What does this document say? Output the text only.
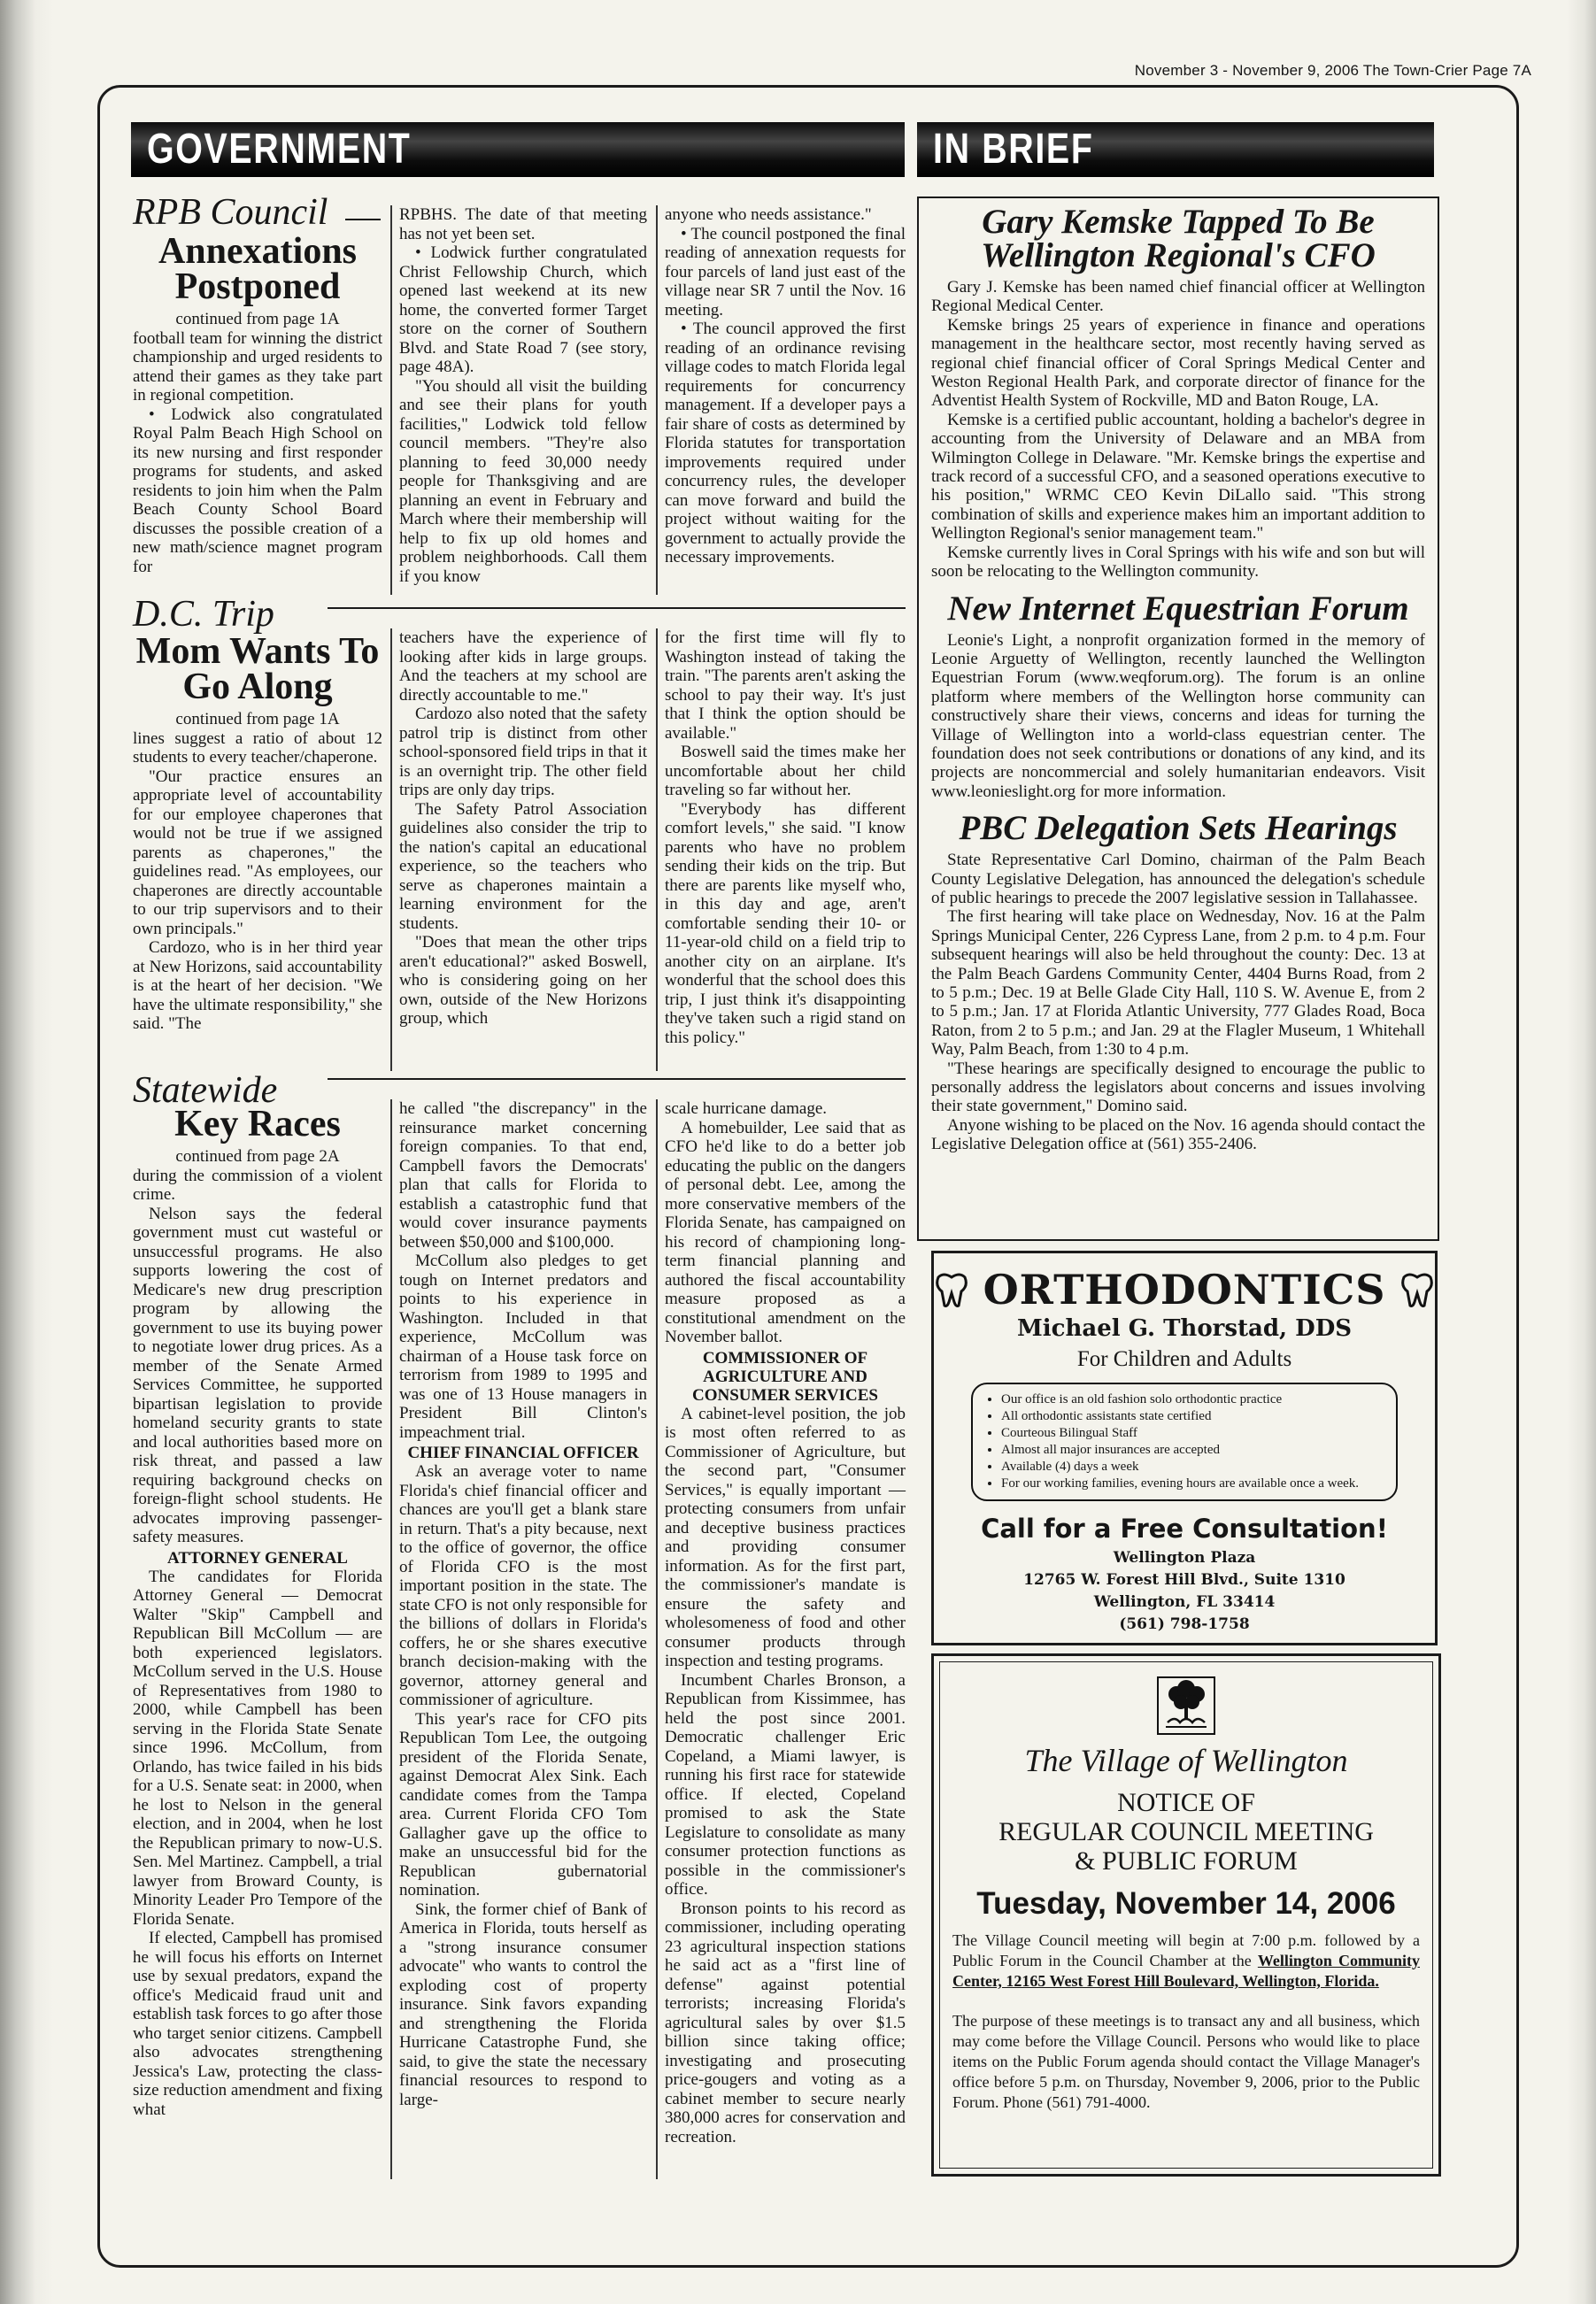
November 3 - November 9, 2006 The Town-Crier Page 7A
GOVERNMENT	IN BRIEF
RPB Council
Annexations Postponed

continued from page 1A

football team for winning the district championship and urged residents to attend their games as they take part in regional competition.

• Lodwick also congratulated Royal Palm Beach High School on its new nursing and first responder programs for students, and asked residents to join him when the Palm Beach County School Board discusses the possible creation of a new math/science magnet program for

RPBHS. The date of that meeting has not yet been set.

• Lodwick further congratulated Christ Fellowship Church, which opened last weekend at its new home, the converted former Target store on the corner of Southern Blvd. and State Road 7 (see story, page 48A).

"You should all visit the building and see their plans for youth facilities," Lodwick told fellow council members. "They're also planning to feed 30,000 needy people for Thanksgiving and are planning an event in February and March where their membership will help to fix up old homes and problem neighborhoods. Call them if you know

anyone who needs assistance."

• The council postponed the final reading of annexation requests for four parcels of land just east of the village near SR 7 until the Nov. 16 meeting.

• The council approved the first reading of an ordinance revising village codes to match Florida legal requirements for concurrency management. If a developer pays a fair share of costs as determined by Florida statutes for transportation improvements required under concurrency rules, the developer can move forward and build the project without waiting for the government to actually provide the necessary improvements.

D.C. Trip
Mom Wants To Go Along

continued from page 1A

lines suggest a ratio of about 12 students to every teacher/chaperone.

"Our practice ensures an appropriate level of accountability for our employee chaperones that would not be true if we assigned parents as chaperones," the guidelines read. "As employees, our chaperones are directly accountable to our trip supervisors and to their own principals."

Cardozo, who is in her third year at New Horizons, said accountability is at the heart of her decision. "We have the ultimate responsibility," she said. "The

teachers have the experience of looking after kids in large groups. And the teachers at my school are directly accountable to me."

Cardozo also noted that the safety patrol trip is distinct from other school-sponsored field trips in that it is an overnight trip. The other field trips are only day trips.

The Safety Patrol Association guidelines also consider the trip to the nation's capital an educational experience, so the teachers who serve as chaperones maintain a learning environment for the students.

"Does that mean the other trips aren't educational?" asked Boswell, who is considering going on her own, outside of the New Horizons group, which

for the first time will fly to Washington instead of taking the train. "The parents aren't asking the school to pay their way. It's just that I think the option should be available."

Boswell said the times make her uncomfortable about her child traveling so far without her.

"Everybody has different comfort levels," she said. "I know parents who have no problem sending their kids on the trip. But there are parents like myself who, in this day and age, aren't comfortable sending their 10- or 11-year-old child on a field trip to another city on an airplane. It's wonderful that the school does this trip, I just think it's disappointing they've taken such a rigid stand on this policy."

Statewide
Key Races

continued from page 2A

during the commission of a violent crime.

Nelson says the federal government must cut wasteful or unsuccessful programs. He also supports lowering the cost of Medicare's new drug prescription program by allowing the government to use its buying power to negotiate lower drug prices. As a member of the Senate Armed Services Committee, he supported bipartisan legislation to provide homeland security grants to state and local authorities based more on risk threat, and passed a law requiring background checks on foreign-flight school students. He advocates improving passenger-safety measures.

ATTORNEY GENERAL

The candidates for Florida Attorney General — Democrat Walter "Skip" Campbell and Republican Bill McCollum — are both experienced legislators. McCollum served in the U.S. House of Representatives from 1980 to 2000, while Campbell has been serving in the Florida State Senate since 1996. McCollum, from Orlando, has twice failed in his bids for a U.S. Senate seat: in 2000, when he lost to Nelson in the general election, and in 2004, when he lost the Republican primary to now-U.S. Sen. Mel Martinez. Campbell, a trial lawyer from Broward County, is Minority Leader Pro Tempore of the Florida Senate.

If elected, Campbell has promised he will focus his efforts on Internet use by sexual predators, expand the office's Medicaid fraud unit and establish task forces to go after those who target senior citizens. Campbell also advocates strengthening Jessica's Law, protecting the class-size reduction amendment and fixing what

he called "the discrepancy" in the reinsurance market concerning foreign companies. To that end, Campbell favors the Democrats' plan that calls for Florida to establish a catastrophic fund that would cover insurance payments between $50,000 and $100,000.

McCollum also pledges to get tough on Internet predators and points to his experience in Washington. Included in that experience, McCollum was chairman of a House task force on terrorism from 1989 to 1995 and was one of 13 House managers in President Bill Clinton's impeachment trial.

CHIEF FINANCIAL OFFICER

Ask an average voter to name Florida's chief financial officer and chances are you'll get a blank stare in return. That's a pity because, next to the office of governor, the office of Florida CFO is the most important position in the state. The state CFO is not only responsible for the billions of dollars in Florida's coffers, he or she shares executive branch decision-making with the governor, attorney general and commissioner of agriculture.

This year's race for CFO pits Republican Tom Lee, the outgoing president of the Florida Senate, against Democrat Alex Sink. Each candidate comes from the Tampa area. Current Florida CFO Tom Gallagher gave up the office to make an unsuccessful bid for the Republican gubernatorial nomination.

Sink, the former chief of Bank of America in Florida, touts herself as a "strong insurance consumer advocate" who wants to control the exploding cost of property insurance. Sink favors expanding and strengthening the Florida Hurricane Catastrophe Fund, she said, to give the state the necessary financial resources to respond to large-

scale hurricane damage.

A homebuilder, Lee said that as CFO he'd like to do a better job educating the public on the dangers of personal debt. Lee, among the more conservative members of the Florida Senate, has campaigned on his record of championing long-term financial planning and authored the fiscal accountability measure proposed as a constitutional amendment on the November ballot.

COMMISSIONER OF AGRICULTURE AND CONSUMER SERVICES

A cabinet-level position, the job is most often referred to as Commissioner of Agriculture, but the second part, "Consumer Services," is equally important — protecting consumers from unfair and deceptive business practices and providing consumer information. As for the first part, the commissioner's mandate is ensure the safety and wholesomeness of food and other consumer products through inspection and testing programs.

Incumbent Charles Bronson, a Republican from Kissimmee, has held the post since 2001. Democratic challenger Eric Copeland, a Miami lawyer, is running his first race for statewide office. If elected, Copeland promised to ask the State Legislature to consolidate as many consumer protection functions as possible in the commissioner's office.

Bronson points to his record as commissioner, including operating 23 agricultural inspection stations he said act as a "first line of defense" against potential terrorists; increasing Florida's agricultural sales by over $1.5 billion since taking office; investigating and prosecuting price-gougers and voting as a cabinet member to secure nearly 380,000 acres for conservation and recreation.

Gary Kemske Tapped To Be Wellington Regional's CFO

Gary J. Kemske has been named chief financial officer at Wellington Regional Medical Center.

Kemske brings 25 years of experience in finance and operations management in the healthcare sector, most recently having served as regional chief financial officer of Coral Springs Medical Center and Weston Regional Health Park, and corporate director of finance for the Adventist Health System of Rockville, MD and Baton Rouge, LA.

Kemske is a certified public accountant, holding a bachelor's degree in accounting from the University of Delaware and an MBA from Wilmington College in Delaware. "Mr. Kemske brings the expertise and track record of a successful CFO, and a seasoned operations executive to his position," WRMC CEO Kevin DiLallo said. "This strong combination of skills and experience makes him an important addition to Wellington Regional's senior management team."

Kemske currently lives in Coral Springs with his wife and son but will soon be relocating to the Wellington community.

New Internet Equestrian Forum

Leonie's Light, a nonprofit organization formed in the memory of Leonie Arguetty of Wellington, recently launched the Wellington Equestrian Forum (www.weqforum.org). The forum is an online platform where members of the Wellington horse community can constructively share their views, concerns and ideas for turning the Village of Wellington into a world-class equestrian center. The foundation does not seek contributions or donations of any kind, and its projects are noncommercial and solely humanitarian endeavors. Visit www.leonieslight.org for more information.

PBC Delegation Sets Hearings

State Representative Carl Domino, chairman of the Palm Beach County Legislative Delegation, has announced the delegation's schedule of public hearings to precede the 2007 legislative session in Tallahassee.

The first hearing will take place on Wednesday, Nov. 16 at the Palm Springs Municipal Center, 226 Cypress Lane, from 2 p.m. to 4 p.m. Four subsequent hearings will also be held throughout the county: Dec. 13 at the Palm Beach Gardens Community Center, 4404 Burns Road, from 2 to 5 p.m.; Dec. 19 at Belle Glade City Hall, 110 S. W. Avenue E, from 2 to 5 p.m.; Jan. 17 at Florida Atlantic University, 777 Glades Road, Boca Raton, from 2 to 5 p.m.; and Jan. 29 at the Flagler Museum, 1 Whitehall Way, Palm Beach, from 1:30 to 4 p.m.

"These hearings are specifically designed to encourage the public to personally address the legislators about concerns and issues involving their state government," Domino said.

Anyone wishing to be placed on the Nov. 16 agenda should contact the Legislative Delegation office at (561) 355-2406.

ORTHODONTICS
Michael G. Thorstad, DDS
For Children and Adults
• Our office is an old fashion solo orthodontic practice
• All orthodontic assistants state certified
• Courteous Bilingual Staff
• Almost all major insurances are accepted
• Available (4) days a week
• For our working families, evening hours are available once a week.
Call for a Free Consultation!
Wellington Plaza
12765 W. Forest Hill Blvd., Suite 1310
Wellington, FL 33414
(561) 798-1758
The Village of Wellington
NOTICE OF
REGULAR COUNCIL MEETING
& PUBLIC FORUM
Tuesday, November 14, 2006
The Village Council meeting will begin at 7:00 p.m. followed by a Public Forum in the Council Chamber at the Wellington Community Center, 12165 West Forest Hill Boulevard, Wellington, Florida.
The purpose of these meetings is to transact any and all business, which may come before the Village Council. Persons who would like to place items on the Public Forum agenda should contact the Village Manager's office before 5 p.m. on Thursday, November 9, 2006, prior to the Public Forum. Phone (561) 791-4000.
